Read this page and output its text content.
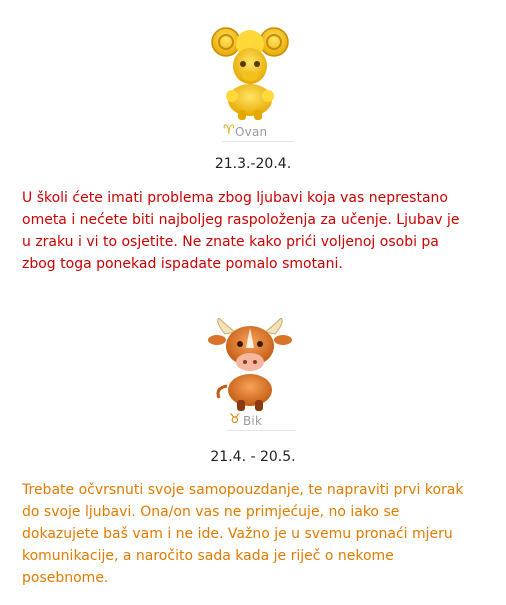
♈ Ovan
21.3.-20.4.

U školi ćete imati problema zbog ljubavi koja vas neprestano
ometa i nećete biti najboljeg raspoloženja za učenje. Ljubav je
u zraku i vi to osjetite. Ne znate kako prići voljenoj osobi pa
zbog toga ponekad ispadate pomalo smotani.

♉ Bik
21.4. - 20.5.

Trebate očvrsnuti svoje samopouzdanje, te napraviti prvi korak
do svoje ljubavi. Ona/on vas ne primjećuje, no iako se
dokazujete baš vam i ne ide. Važno je u svemu pronaći mjeru
komunikacije, a naročito sada kada je riječ o nekome
posebnome.
